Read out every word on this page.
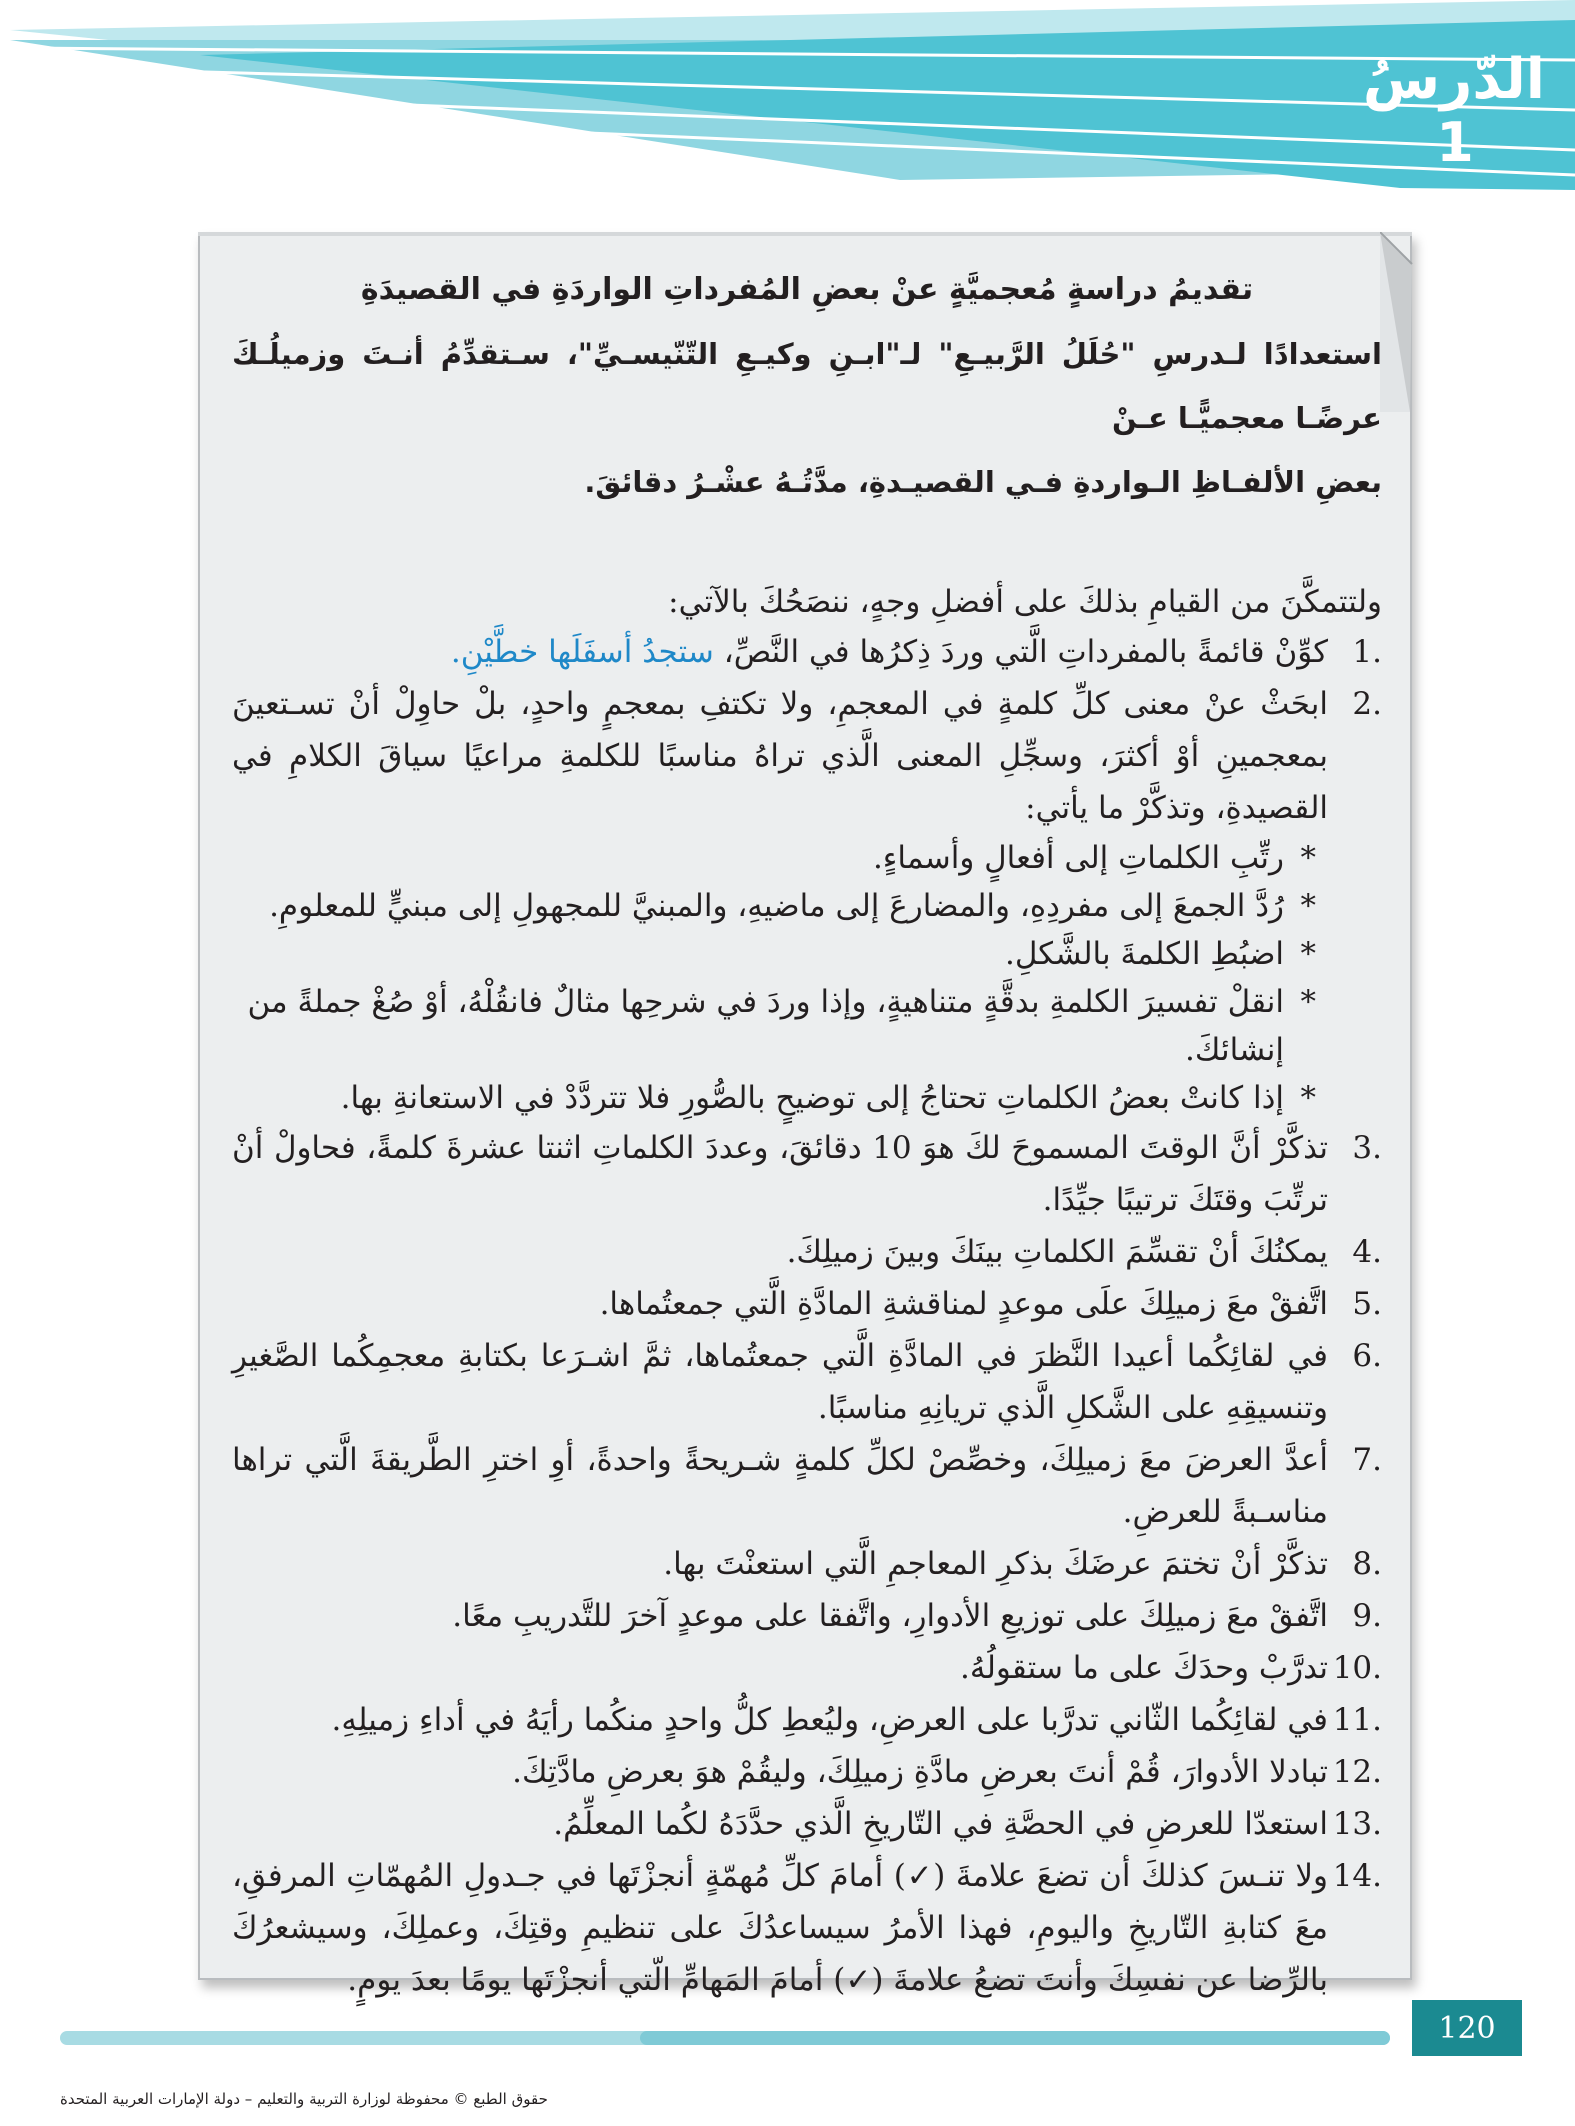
الدّرسُ
1

تقديمُ دراسةٍ مُعجميَّةٍ عنْ بعضِ المُفرداتِ الواردَةِ في القصيدَةِ

استعدادًا لـدرسِ "حُلَلُ الرَّبيـعِ" لـ"ابـنِ وكيـعِ التّنّيسـيِّ"، سـتقدِّمُ أنـتَ وزميلُـكَ عرضًـا معجميًّـا عـنْ

بعضِ الألفـاظِ الـواردةِ فـي القصيـدةِ، مدَّتُـهُ عشْـرُ دقائقَ.

ولتتمكَّنَ من القيامِ بذلكَ على أفضلِ وجهٍ، ننصَحُكَ بالآتي:

1.
كوِّنْ قائمةً بالمفرداتِ الَّتي وردَ ذِكرُها في النَّصِّ، ستجدُ أسفَلَها خطَّيْنِ.
2.
ابحَثْ عنْ معنى كلِّ كلمةٍ في المعجمِ، ولا تكتفِ بمعجمٍ واحدٍ، بلْ حاوِلْ أنْ تسـتعينَ بمعجمينِ أوْ أكثرَ، وسجِّلِ المعنى الَّذي تراهُ مناسبًا للكلمةِ مراعيًا سياقَ الكلامِ في القصيدةِ، وتذكَّرْ ما يأتي:
*
رتِّبِ الكلماتِ إلى أفعالٍ وأسماءٍ.
*
رُدَّ الجمعَ إلى مفردِهِ، والمضارعَ إلى ماضيهِ، والمبنيَّ للمجهولِ إلى مبنيٍّ للمعلومِ.
*
اضبُطِ الكلمةَ بالشَّكلِ.
*
انقلْ تفسيرَ الكلمةِ بدقَّةٍ متناهيةٍ، وإذا وردَ في شرحِها مثالٌ فانقُلْهُ، أوْ صُغْ جملةً من إنشائكَ.
*
إذا كانتْ بعضُ الكلماتِ تحتاجُ إلى توضيحٍ بالصُّورِ فلا تتردَّدْ في الاستعانةِ بها.
3.
تذكَّرْ أنَّ الوقتَ المسموحَ لكَ هوَ 10 دقائقَ، وعددَ الكلماتِ اثنتا عشرةَ كلمةً، فحاولْ أنْ ترتِّبَ وقتَكَ ترتيبًا جيِّدًا.
4.
يمكنُكَ أنْ تقسِّمَ الكلماتِ بينَكَ وبينَ زميلِكَ.
5.
اتَّفقْ معَ زميلِكَ علَى موعدٍ لمناقشةِ المادَّةِ الَّتي جمعتُماها.
6.
في لقائِكُما أعيدا النَّظرَ في المادَّةِ الَّتي جمعتُماها، ثمَّ اشـرَعا بكتابةِ معجمِكُما الصَّغيرِ وتنسيقِهِ على الشَّكلِ الَّذي تريانِهِ مناسبًا.
7.
أعدَّ العرضَ معَ زميلِكَ، وخصِّصْ لكلِّ كلمةٍ شـريحةً واحدةً، أوِ اخترِ الطَّريقةَ الَّتي تراها مناسـبةً للعرضِ.
8.
تذكَّرْ أنْ تختمَ عرضَكَ بذكرِ المعاجمِ الَّتي استعنْتَ بها.
9.
اتَّفقْ معَ زميلِكَ على توزيعِ الأدوارِ، واتَّفقا على موعدٍ آخرَ للتَّدريبِ معًا.
10.
تدرَّبْ وحدَكَ على ما ستقولُهُ.
11.
في لقائِكُما الثّاني تدرَّبا على العرضِ، وليُعطِ كلُّ واحدٍ منكُما رأيَهُ في أداءِ زميلِهِ.
12.
تبادلا الأدوارَ، قُمْ أنتَ بعرضِ مادَّةِ زميلِكَ، وليقُمْ هوَ بعرضِ مادَّتِكَ.
13.
استعدّا للعرضِ في الحصَّةِ في التّاريخِ الَّذي حدَّدَهُ لكُما المعلِّمُ.
14.
ولا تنـسَ كذلكَ أن تضعَ علامةَ (✓) أمامَ كلِّ مُهمّةٍ أنجزْتَها في جـدولِ المُهمّاتِ المرفقِ، معَ كتابةِ التّاريخِ واليومِ، فهذا الأمرُ سيساعدُكَ على تنظيمِ وقتِكَ، وعملِكَ، وسيشعرُكَ بالرِّضا عن نفسِكَ وأنتَ تضعُ علامةَ (✓) أمامَ المَهامِّ الّتي أنجزْتَها يومًا بعدَ يومٍ.
120
حقوق الطبع © محفوظة لوزارة التربية والتعليم – دولة الإمارات العربية المتحدة
